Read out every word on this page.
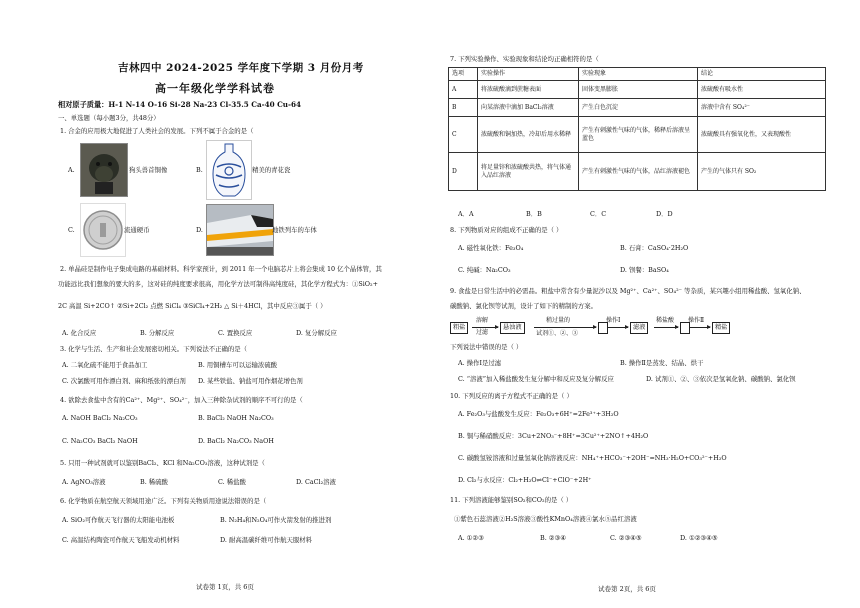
吉林四中 2024-2025 学年度下学期 3 月份月考
高一年级化学学科试卷
相对原子质量：H-1 N-14 O-16 Si-28 Na-23 Cl-35.5 Ca-40 Cu-64
一、单选题（每小题3分，共48分）
1. 合金的应用极大地促进了人类社会的发展。下列不属于合金的是（
A.	狗头兽首铜像	B.	精美的青花瓷
C.	流通硬币	D.	地铁列车的车体
2. 单晶硅是制作电子集成电路的基础材料。科学家预计，到 2011 年一个电脑芯片上将会集成 10 亿个晶体管，其
功能远比我们想象的要大的多，这对硅的纯度要求很高，用化学方法可制得高纯度硅，其化学方程式为：①SiO₂+
2C 高温 Si+2CO↑ ②Si+2Cl₂ 点燃 SiCl₄ ③SiCl₄+2H₂ △ Si＋4HCl，其中反应③属于（ ）
A. 化合反应	B. 分解反应	C. 置换反应	D. 复分解反应
3. 化学与生活、生产和社会发展密切相关。下列说法不正确的是（
A. 二氧化硫不能用于食品加工	B. 用铜槽车可以运输浓硫酸
C. 次氯酸可用作漂白剂、麻和纸张的漂白剂 D. 某些铁盐、钠盐可用作烟花增色剂
4. 欲除去食盐中含有的Ca²⁺、Mg²⁺、SO₄²⁻，加入三种除杂试剂的顺序不可行的是（
A. NaOH BaCl₂ Na₂CO₃	B. BaCl₂ NaOH Na₂CO₃
C. Na₂CO₃ BaCl₂ NaOH	D. BaCl₂ Na₂CO₃ NaOH
5. 只用一种试剂就可以鉴别BaCl₂、KCl 和Na₂CO₃溶液，这种试剂是（
A. AgNO₃溶液	B. 稀硫酸	C. 稀盐酸	D. CaCl₂溶液
6. 化学物质在航空航天领域用途广泛。下列有关物质用途说法错误的是（
A. SiO₂可作航天飞行器的太阳能电池板	B. N₂H₄和N₂O₄可作火箭发射的推进剂
C. 高温结构陶瓷可作航天飞船发动机材料	D. 耐高温碳纤维可作航天服材料
试卷第 1页，共 6页
7. 下列实验操作、实验现象和结论均正确相符的是（
选项	实验操作	实验现象	结论
A	将浓硫酸滴到蔗糖表面	固体变黑膨胀	浓硫酸有吸水性
B	向某溶液中滴加 BaCl₂溶液	产生白色沉淀	溶液中含有 SO₄²⁻
C	浓硫酸和铜加热，冷却后用水稀释	产生有刺激性气味的气体，稀释后溶液呈蓝色	浓硫酸具有强氧化性，又表现酸性
D	将足量锌和浓硫酸共热，将气体通入品红溶液	产生有刺激性气味的气体，品红溶液褪色	产生的气体只有 SO₂
A．A	B．B	C．C	D．D
8. 下列物质对应的组成不正确的是（ ）
A. 磁性氧化铁：Fe₃O₄	B. 石膏：CaSO₄·2H₂O
C. 纯碱：Na₂CO₃	D. 钡餐：BaSO₄
9. 食盐是日常生活中的必需品。粗盐中常含有少量泥沙以及 Mg²⁺、Ca²⁺、SO₄²⁻ 等杂质，某兴趣小组用稀盐酸、氢氧化钠、
碳酸钠、氯化钡等试剂，设计了如下的精制的方案。
粗盐
溶解
过滤
悬浊液
稍过量的
试剂①、②、③
操作Ⅰ
滤液
稀盐酸 操作Ⅱ
精盐
下列说法中错误的是（ ）
A. 操作Ⅰ是过滤	B. 操作Ⅱ是蒸发、结晶、烘干
C. “溶液”加入稀盐酸发生复分解中和反应及复分解反应	D. 试剂①、②、③依次是氢氧化钠、碳酸钠、氯化钡
10. 下列反应的离子方程式不正确的是（ ）
A. Fe₂O₃与盐酸发生反应：Fe₂O₃+6H⁺=2Fe³⁺+3H₂O
B. 铜与稀硝酸反应：3Cu+2NO₃⁻+8H⁺=3Cu²⁺+2NO↑+4H₂O
C. 碳酸氢铵溶液和过量氢氧化钠溶液反应：NH₄⁺+HCO₃⁻+2OH⁻=NH₃·H₂O+CO₃²⁻+H₂O
D. Cl₂与水反应：Cl₂+H₂O⇌Cl⁻+ClO⁻+2H⁺
11. 下列溶液能够鉴别SO₂和CO₂的是（ ）
①紫色石蕊溶液②H₂S溶液③酸性KMnO₄溶液④氯水⑤品红溶液
A. ①②③	B. ②③④	C. ②③④⑤	D. ①②③④⑤
试卷第 2页，共 6页
